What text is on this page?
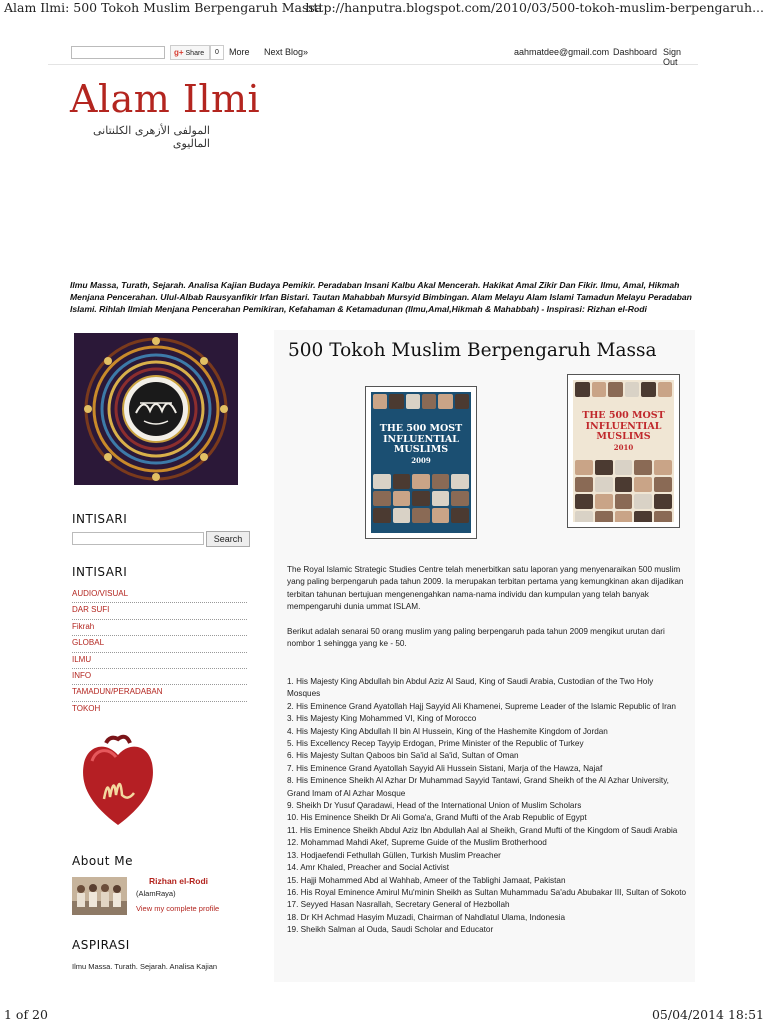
Alam Ilmi: 500 Tokoh Muslim Berpengaruh Massa
http://hanputra.blogspot.com/2010/03/500-tokoh-muslim-berpengaruh...
1 of 20	05/04/2014 18:51
g+ Share	0	More Next Blog»	aahmatdee@gmail.com Dashboard Sign Out
Alam Ilmi
المولفى الأزهرى الكلنتانى الماليوى
Ilmu Massa, Turath, Sejarah. Analisa Kajian Budaya Pemikir. Peradaban Insani Kalbu Akal Mencerah. Hakikat Amal Zikir Dan Fikir. Ilmu, Amal, Hikmah Menjana Pencerahan. Ulul-Albab Rausyanfikir Irfan Bistari. Tautan Mahabbah Mursyid Bimbingan. Alam Melayu Alam Islami Tamadun Melayu Peradaban Islami. Rihlah Ilmiah Menjana Pencerahan Pemikiran, Kefahaman & Ketamadunan (Ilmu,Amal,Hikmah & Mahabbah) - Inspirasi: Rizhan el-Rodi
INTISARI
Search
INTISARI
AUDIO/VISUAL
DAR SUFI
Fikrah
GLOBAL
ILMU
INFO
TAMADUN/PERADABAN
TOKOH
About Me
Rizhan el-Rodi
(AlamRaya)
View my complete profile
ASPIRASI
Ilmu Massa. Turath. Sejarah. Analisa Kajian
500 Tokoh Muslim Berpengaruh Massa
THE 500 MOST
INFLUENTIAL
MUSLIMS
2009
THE 500 MOST
INFLUENTIAL
MUSLIMS
2010

The Royal Islamic Strategic Studies Centre telah menerbitkan satu laporan yang menyenaraikan 500 muslim yang paling berpengaruh pada tahun 2009. Ia merupakan terbitan pertama yang kemungkinan akan dijadikan terbitan tahunan bertujuan mengenengahkan nama-nama individu dan kumpulan yang telah banyak mempengaruhi dunia ummat ISLAM.

Berikut adalah senarai 50 orang muslim yang paling berpengaruh pada tahun 2009 mengikut urutan dari nombor 1 sehingga yang ke - 50.

1. His Majesty King Abdullah bin Abdul Aziz Al Saud, King of Saudi Arabia, Custodian of the Two Holy Mosques
2. His Eminence Grand Ayatollah Hajj Sayyid Ali Khamenei, Supreme Leader of the Islamic Republic of Iran
3. His Majesty King Mohammed VI, King of Morocco
4. His Majesty King Abdullah II bin Al Hussein, King of the Hashemite Kingdom of Jordan
5. His Excellency Recep Tayyip Erdogan, Prime Minister of the Republic of Turkey
6. His Majesty Sultan Qaboos bin Sa'id al Sa'id, Sultan of Oman
7. His Eminence Grand Ayatollah Sayyid Ali Hussein Sistani, Marja of the Hawza, Najaf
8. His Eminence Sheikh Al Azhar Dr Muhammad Sayyid Tantawi, Grand Sheikh of the Al Azhar University, Grand Imam of Al Azhar Mosque
9. Sheikh Dr Yusuf Qaradawi, Head of the International Union of Muslim Scholars
10. His Eminence Sheikh Dr Ali Goma'a, Grand Mufti of the Arab Republic of Egypt
11. His Eminence Sheikh Abdul Aziz Ibn Abdullah Aal al Sheikh, Grand Mufti of the Kingdom of Saudi Arabia
12. Mohammad Mahdi Akef, Supreme Guide of the Muslim Brotherhood
13. Hodjaefendi Fethullah Güllen, Turkish Muslim Preacher
14. Amr Khaled, Preacher and Social Activist
15. Hajji Mohammed Abd al Wahhab, Ameer of the Tablighi Jamaat, Pakistan
16. His Royal Eminence Amirul Mu'minin Sheikh as Sultan Muhammadu Sa'adu Abubakar III, Sultan of Sokoto
17. Seyyed Hasan Nasrallah, Secretary General of Hezbollah
18. Dr KH Achmad Hasyim Muzadi, Chairman of Nahdlatul Ulama, Indonesia
19. Sheikh Salman al Ouda, Saudi Scholar and Educator
